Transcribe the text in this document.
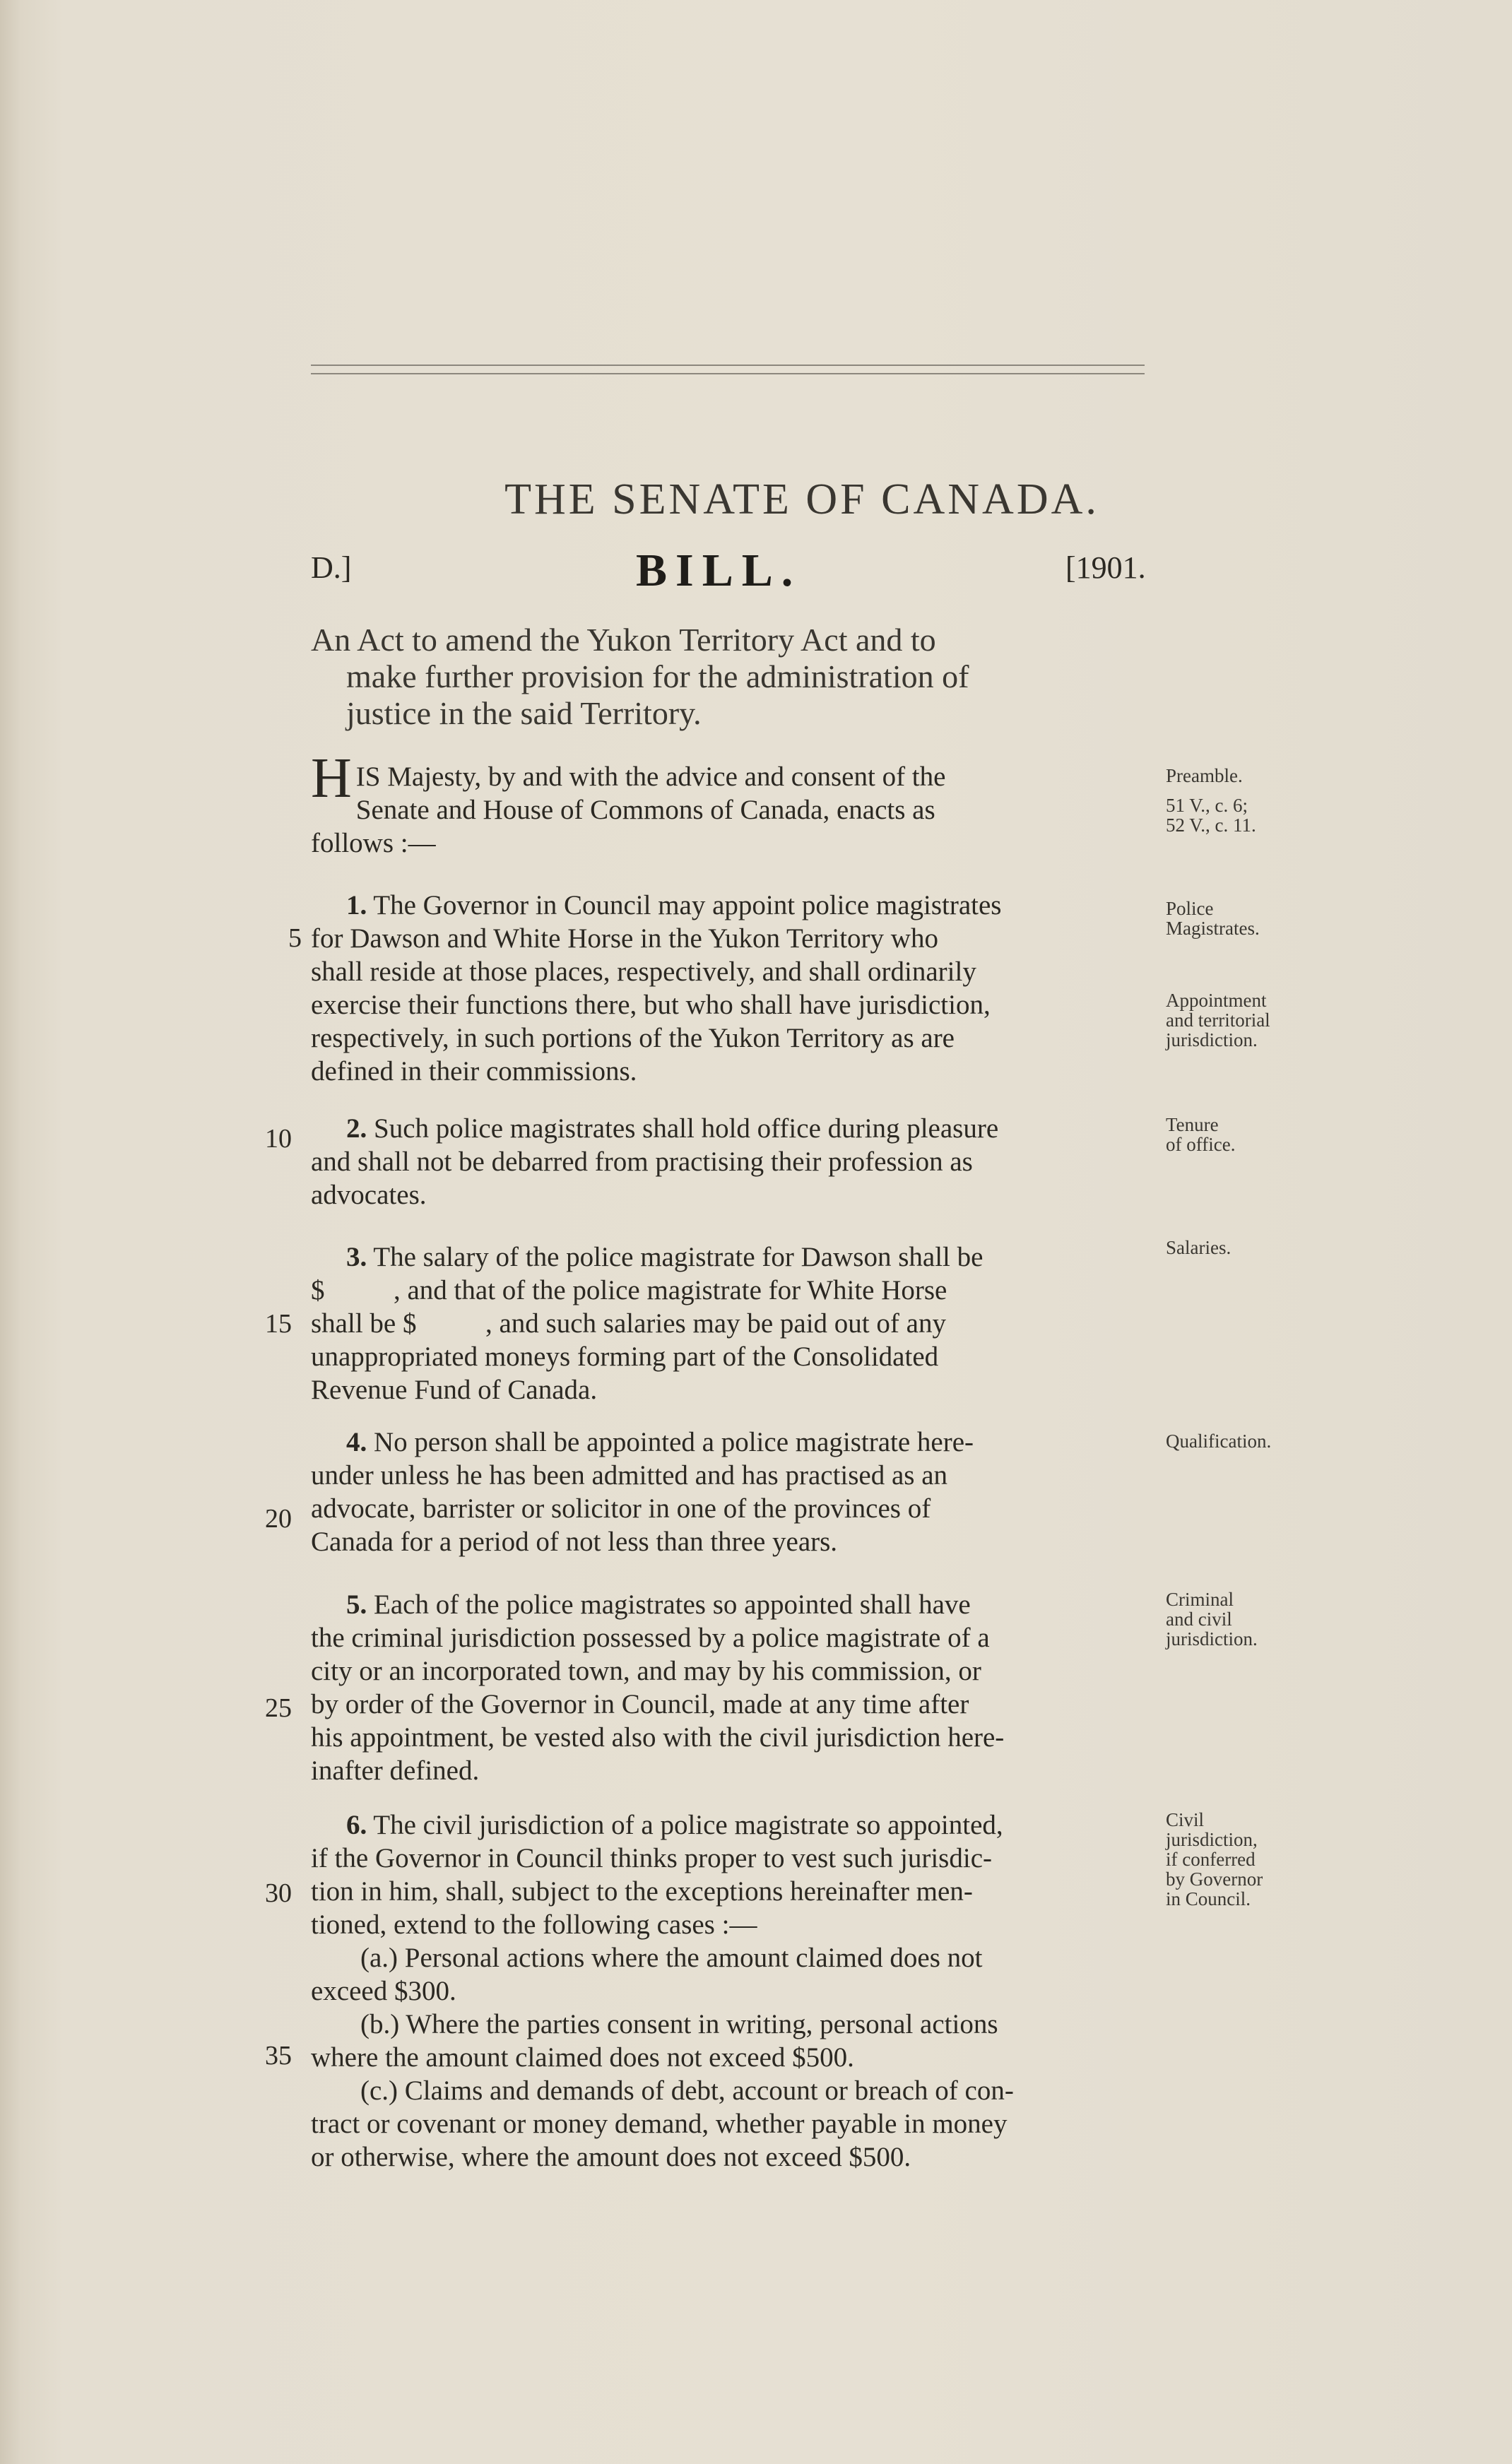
THE SENATE OF CANADA.
D.]	BILL.	[1901.
An Act to amend the Yukon Territory Act and to
make further provision for the administration of
justice in the said Territory.
H IS Majesty, by and with the advice and consent of the
Senate and House of Commons of Canada, enacts as
follows :—
Preamble.
51 V., c. 6;
52 V., c. 11.
1. The Governor in Council may appoint police magistrates
for Dawson and White Horse in the Yukon Territory who
shall reside at those places, respectively, and shall ordinarily
exercise their functions there, but who shall have jurisdiction,
respectively, in such portions of the Yukon Territory as are
defined in their commissions.
Police
Magistrates.
Appointment
and territorial
jurisdiction.
2. Such police magistrates shall hold office during pleasure
and shall not be debarred from practising their profession as
advocates.
Tenure
of office.
3. The salary of the police magistrate for Dawson shall be
$          , and that of the police magistrate for White Horse
shall be $          , and such salaries may be paid out of any
unappropriated moneys forming part of the Consolidated
Revenue Fund of Canada.
Salaries.
4. No person shall be appointed a police magistrate here-
under unless he has been admitted and has practised as an
advocate, barrister or solicitor in one of the provinces of
Canada for a period of not less than three years.
Qualification.
5. Each of the police magistrates so appointed shall have
the criminal jurisdiction possessed by a police magistrate of a
city or an incorporated town, and may by his commission, or
by order of the Governor in Council, made at any time after
his appointment, be vested also with the civil jurisdiction here-
inafter defined.
Criminal
and civil
jurisdiction.
6. The civil jurisdiction of a police magistrate so appointed,
if the Governor in Council thinks proper to vest such jurisdic-
tion in him, shall, subject to the exceptions hereinafter men-
tioned, extend to the following cases :—
(a.) Personal actions where the amount claimed does not
exceed $300.
(b.) Where the parties consent in writing, personal actions
where the amount claimed does not exceed $500.
(c.) Claims and demands of debt, account or breach of con-
tract or covenant or money demand, whether payable in money
or otherwise, where the amount does not exceed $500.
Civil
jurisdiction,
if conferred
by Governor
in Council.
5
10
15
20
25
30
35
